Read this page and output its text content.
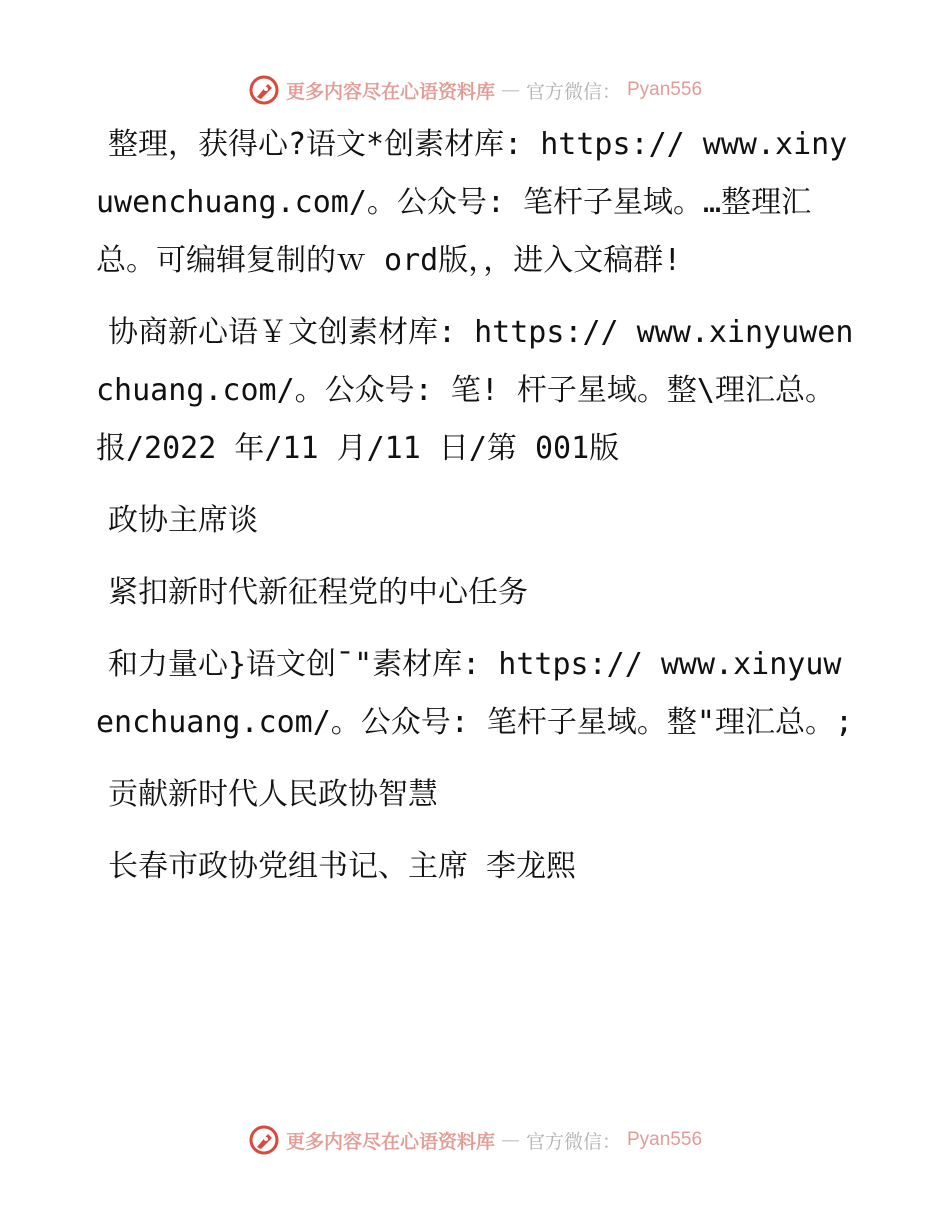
更多内容尽在心语资料库 — 官方微信： Pyan556

整理，获得心?语文*创素材库: https:// www.xinyuwenchuang.com/。公众号: 笔杆子星域。…整理汇总。可编辑复制的ｗ ord版，，进入文稿群!

协商新心语￥文创素材库: https:// www.xinyuwenchuang.com/。公众号: 笔! 杆子星域。整\理汇总。报/2022 年/11 月/11 日/第 001版

政协主席谈

紧扣新时代新征程党的中心任务

和力量心}语文创¯"素材库: https:// www.xinyuwenchuang.com/。公众号: 笔杆子星域。整"理汇总。;

贡献新时代人民政协智慧

长春市政协党组书记、主席 李龙熙

更多内容尽在心语资料库 — 官方微信： Pyan556
